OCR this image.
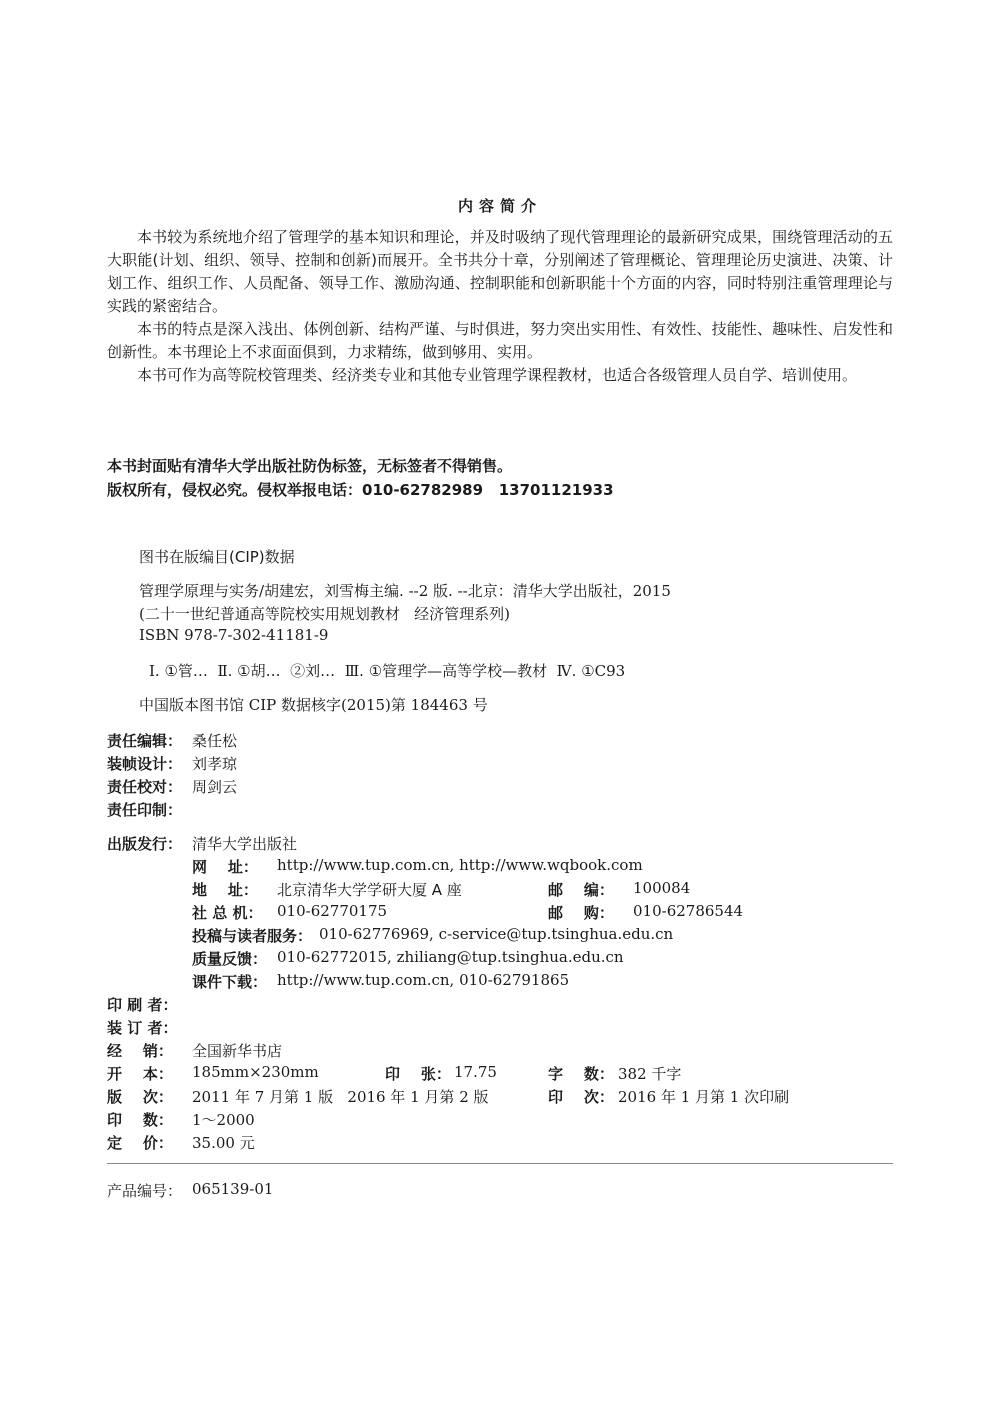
内容简介

本书较为系统地介绍了管理学的基本知识和理论，并及时吸纳了现代管理理论的最新研究成果，围绕管理活动的五大职能(计划、组织、领导、控制和创新)而展开。全书共分十章，分别阐述了管理概论、管理理论历史演进、决策、计划工作、组织工作、人员配备、领导工作、激励沟通、控制职能和创新职能十个方面的内容，同时特别注重管理理论与实践的紧密结合。

本书的特点是深入浅出、体例创新、结构严谨、与时俱进，努力突出实用性、有效性、技能性、趣味性、启发性和创新性。本书理论上不求面面俱到，力求精练，做到够用、实用。

本书可作为高等院校管理类、经济类专业和其他专业管理学课程教材，也适合各级管理人员自学、培训使用。

本书封面贴有清华大学出版社防伪标签，无标签者不得销售。
版权所有，侵权必究。侵权举报电话：010-62782989   13701121933
图书在版编目(CIP)数据
管理学原理与实务/胡建宏，刘雪梅主编. --2 版. --北京：清华大学出版社，2015
(二十一世纪普通高等院校实用规划教材   经济管理系列)
ISBN 978-7-302-41181-9
Ⅰ. ①管…  Ⅱ. ①胡…  ②刘…  Ⅲ. ①管理学—高等学校—教材  Ⅳ. ①C93
中国版本图书馆 CIP 数据核字(2015)第 184463 号
责任编辑： 桑任松
装帧设计： 刘孝琼
责任校对： 周剑云
责任印制：
出版发行： 清华大学出版社
网    址： http://www.tup.com.cn, http://www.wqbook.com
地    址： 北京清华大学学研大厦 A 座	邮    编： 100084
社 总 机： 010-62770175	邮    购： 010-62786544
投稿与读者服务： 010-62776969, c-service@tup.tsinghua.edu.cn
质量反馈： 010-62772015, zhiliang@tup.tsinghua.edu.cn
课件下载： http://www.tup.com.cn, 010-62791865
印 刷 者：
装 订 者：
经    销： 全国新华书店
开    本： 185mm×230mm	印    张： 17.75	字    数： 382 千字
版    次： 2011 年 7 月第 1 版   2016 年 1 月第 2 版	印    次： 2016 年 1 月第 1 次印刷
印    数： 1～2000
定    价： 35.00 元
产品编号： 065139-01
